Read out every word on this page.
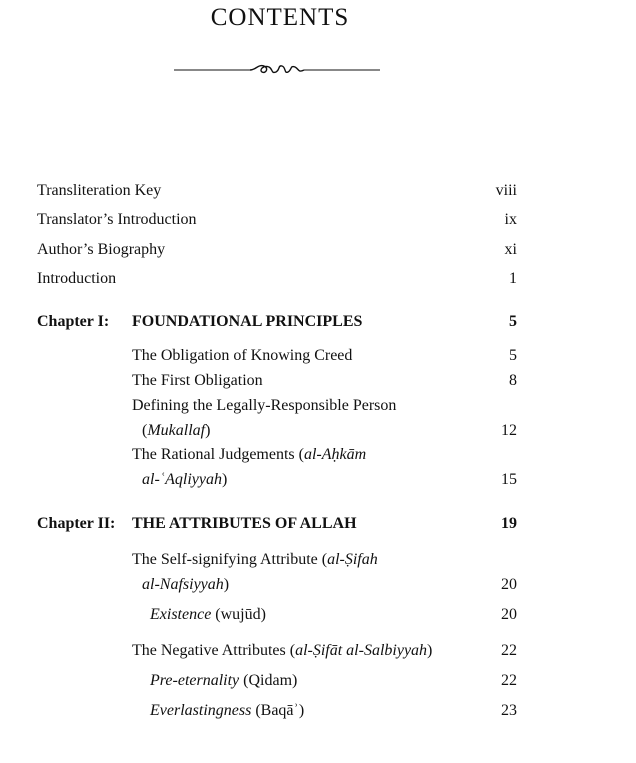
CONTENTS
Transliteration Key	viii
Translator’s Introduction	ix
Author’s Biography	xi
Introduction	1
Chapter I: FOUNDATIONAL PRINCIPLES	5
The Obligation of Knowing Creed	5
The First Obligation	8
Defining the Legally-Responsible Person
(Mukallaf)	12
The Rational Judgements (al-Aḥkām
al-ʿAqliyyah)	15
Chapter II: THE ATTRIBUTES OF ALLAH	19
The Self-signifying Attribute (al-Ṣifah
al-Nafsiyyah)	20
Existence (wujūd)	20
The Negative Attributes (al-Ṣifāt al-Salbiyyah)	22
Pre-eternality (Qidam)	22
Everlastingness (Baqāʾ)	23
